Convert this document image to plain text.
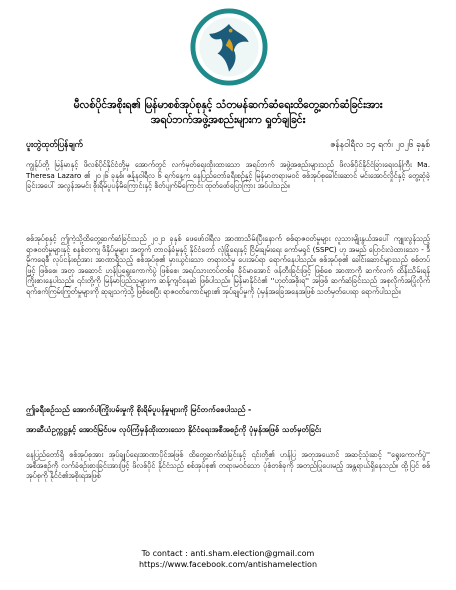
မီလစ်ပိုင်အစိုးရ၏ မြန်မာစစ်အုပ်စုနှင့် သံတမန်ဆက်ဆံရေးထိတွေ့ဆက်ဆံခြင်းအား
အရပ်ဘက်အဖွဲ့အစည်းများက ရှုတ်ချခြင်း
ပူးတွဲထုတ်ပြန်ချက်	ဇန်နဝါရီလ ၁၄ ရက်၊ ၂၀၂၆ ခုနှစ်
ကျွန်ုပ်တို့ မြန်မာနှင့် ဖိလစ်ပိုင်နိုင်ငံတို့မှ အောက်တွင် လက်မှတ်ရေးထိုးထားသော အရပ်ဘက် အဖွဲ့အစည်းများသည် ဖိလစ်ပိုင်နိုင်ငံခြားရေးဝန်ကြီး Ma. Theresa Lazaro ၏ ၂၀၂၆ ခုနှစ်၊ ဇန်နဝါရီလ ၆ ရက်နေ့က နေပြည်တော်ခရီးစဉ်နှင့် မြန်မာတရားမဝင် စစ်အုပ်စုခေါင်းဆောင် မင်းအောင်လှိုင်နှင့် တွေ့ဆုံခဲ့ခြင်းအပေါ် အလွန်အမင်း စိုးရိမ်ပူပန်မိကြောင်းနှင့် စိတ်ပျက်မိကြောင်း ထုတ်ဖော်ပြောကြား အပ်ပါသည်။
စစ်အုပ်စုနှင့် ဤကဲ့သို့ထိတွေ့ဆက်ဆံခြင်းသည် ၂၀၂၁ ခုနှစ် ဖေဖော်ဝါရီလ အာဏာသိမ်းပြီးနောက် စစ်ရာဇဝတ်မှုများ လူသားမျိုးနွယ်အပေါ် ကျူးလွန်သည့် ရာဇဝတ်မှုများနှင့် စနစ်တကျ ဖိနှိပ်မှုများ အတွက် တာဝန်ခံမှုနှင့် နိုင်ငံတော် လုံခြုံရေးနှင့် ငြိမ်းချမ်းရေး ကော်မရှင် (SSPC) ဟု အမည် ပြောင်းလဲထားသော - ဒီမိုကရေစီ လုပ်ငန်းစဉ်အား အာဏာရှိသည့် စစ်အုပ်စု၏ မှားယွင်းသော တရားဝင်မှု ပေးအပ်ရာ ရောက်နေပါသည်။ စစ်အုပ်စု၏ ခေါင်းဆောင်များသည် စစ်တပ်ဖြင့် ဖြစ်စေ၊ အတု အဆောင် ဟန်ပြရွေးကောက်ပွဲ ဖြစ်စေ၊ အရပ်သားတပ်တစ်ခု ခိုင်မာအောင် ဖန်တီးခြင်းဖြင့် ဖြစ်စေ အာဏာကို ဆက်လက် ထိန်းသိမ်းရန် ကြိုးစားနေပါသည်။ ၎င်းတို့ကို မြန်မာပြည်သူများက ဆန့်ကျင်နေဆဲ ဖြစ်ပါသည်။ မြန်မာနိုင်ငံ၏ ''ဟုတ်အစိုးရ'' အဖြစ် ဆက်ဆံခြင်းသည် အစုလိုက်အပြုံလိုက် ရက်စက်ကြမ်းကြုတ်မှုများကို ဆုချသကဲ့သို့ ဖြစ်စေပြီး ရာဇဝတ်ကောင်များ၏ အုပ်ချုပ်မှုကို ပုံမှန်အခြေအနေအဖြစ် သတ်မှတ်ပေးရာ ရောက်ပါသည်။
ဤခရီးစဉ်သည် အောက်ပါကြိုးပမ်းမှုကို စိုးရိမ်ပူပန်မှုများကို မြင်တက်စေပါသည် -
အာဆီယံဥက္ကဋ္ဌနှင့် အောင်မြင်ပမ လုပ်ကြံမှန်ထိုးထားသော နိုင်ငံရေးအစီအစဉ်ကို ပုံမှန်အဖြစ် သတ်မှတ်ခြင်း
နေပြည်တော်ရှိ စစ်အုပ်စုအား အုပ်ချုပ်ရေးအာဏာပိုင်အဖြစ် ထိတွေ့ဆက်ဆံခြင်းနှင့် ၎င်းတို့၏ ဟန်ပြ အတုအယောင် အဆင့်သုံးဆင့် ''ရွေးကောက်ပွဲ'' အစီအစဉ်ကို လက်ခံစဉ်းစားခြင်းအားဖြင့် ဖိလစ်ပိုင် နိုင်ငံသည် စစ်အုပ်စု၏ တရားမဝင်သော ပုံစံတစ်ခုကို အတည်ပြုပေးမည့် အန္တရာယ်ရှိနေသည်။ ထို့ပြင် စစ်အုပ်စုကို နိုင်ငံ၏အစိုးရအဖြစ်
To contact : anti.sham.election@gmail.com
https://www.facebook.com/antishamelection
